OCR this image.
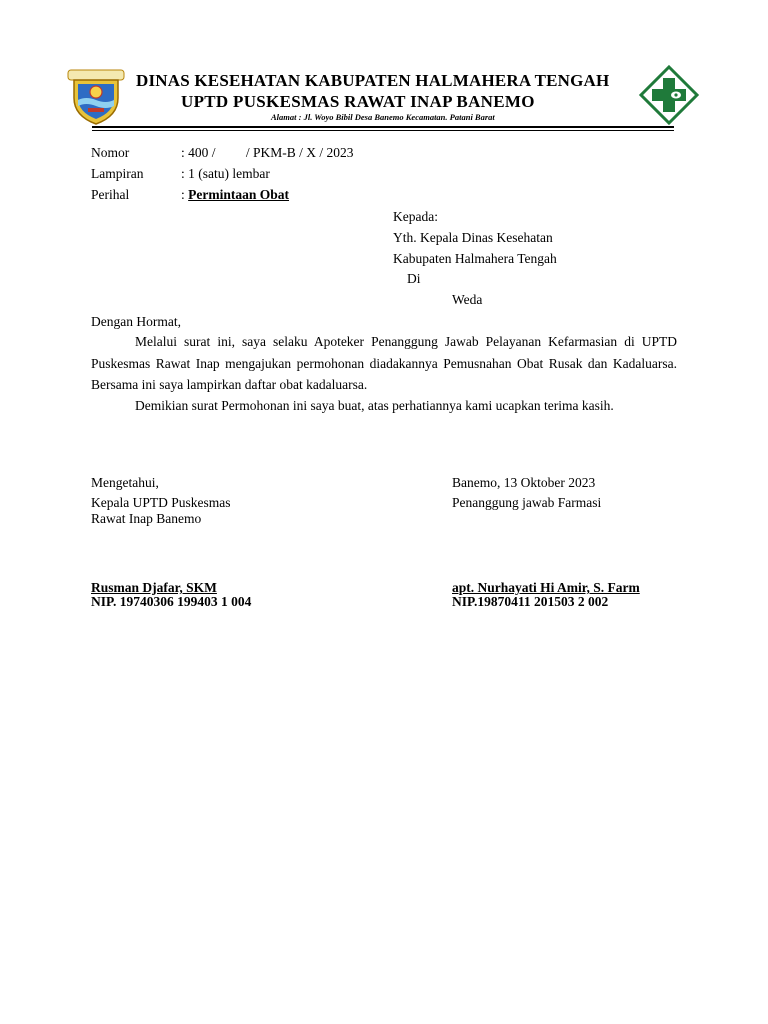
DINAS KESEHATAN KABUPATEN HALMAHERA TENGAH
UPTD PUSKESMAS RAWAT INAP BANEMO
Alamat : Jl. Woyo Bibil Desa Banemo Kecamatan. Patani Barat
Nomor	: 400 /         / PKM-B / X / 2023
Lampiran	: 1 (satu) lembar
Perihal	: Permintaan Obat
Kepada:
Yth. Kepala Dinas Kesehatan
Kabupaten Halmahera Tengah
Di
Weda
Dengan Hormat,
Melalui surat ini, saya selaku Apoteker Penanggung Jawab Pelayanan Kefarmasian di UPTD Puskesmas Rawat Inap mengajukan permohonan diadakannya Pemusnahan Obat Rusak dan Kadaluarsa. Bersama ini saya lampirkan daftar obat kadaluarsa.
Demikian surat Permohonan ini saya buat, atas perhatiannya kami ucapkan terima kasih.
Mengetahui,
Kepala UPTD Puskesmas
Rawat Inap Banemo
Rusman Djafar, SKM
NIP. 19740306 199403 1 004
Banemo, 13 Oktober 2023
Penanggung jawab Farmasi
apt. Nurhayati Hi Amir, S. Farm
NIP.19870411 201503 2 002
